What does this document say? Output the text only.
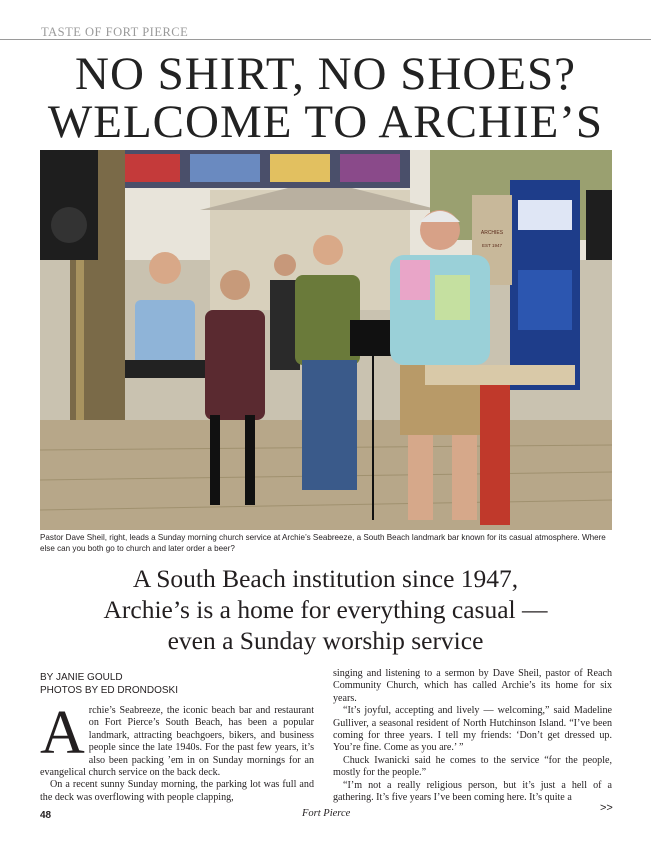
TASTE OF FORT PIERCE
NO SHIRT, NO SHOES?
WELCOME TO ARCHIE’S
ARCHIES
EST 1947
Pastor Dave Sheil, right, leads a Sunday morning church service at Archie’s Seabreeze, a South Beach landmark bar known for its casual atmosphere. Where else can you both go to church and later order a beer?
A South Beach institution since 1947,
Archie’s is a home for everything casual —
even a Sunday worship service
BY JANIE GOULD
PHOTOS BY ED DRONDOSKI

Archie’s Seabreeze, the iconic beach bar and restaurant on Fort Pierce’s South Beach, has been a popular landmark, attracting beachgoers, bikers, and business people since the late 1940s. For the past few years, it’s also been packing ’em in on Sunday mornings for an evangelical church service on the back deck.

On a recent sunny Sunday morning, the parking lot was full and the deck was overflowing with people clapping,

singing and listening to a sermon by Dave Sheil, pastor of Reach Community Church, which has called Archie’s its home for six years.

“It’s joyful, accepting and lively — welcoming,” said Madeline Gulliver, a seasonal resident of North Hutchinson Island. “I’ve been coming for three years. I tell my friends: ‘Don’t get dressed up. You’re fine. Come as you are.’ ”

Chuck Iwanicki said he comes to the service “for the people, mostly for the people.”

“I’m not a really religious person, but it’s just a hell of a gathering. It’s five years I’ve been coming here. It’s quite a

48	Fort Pierce	>>
